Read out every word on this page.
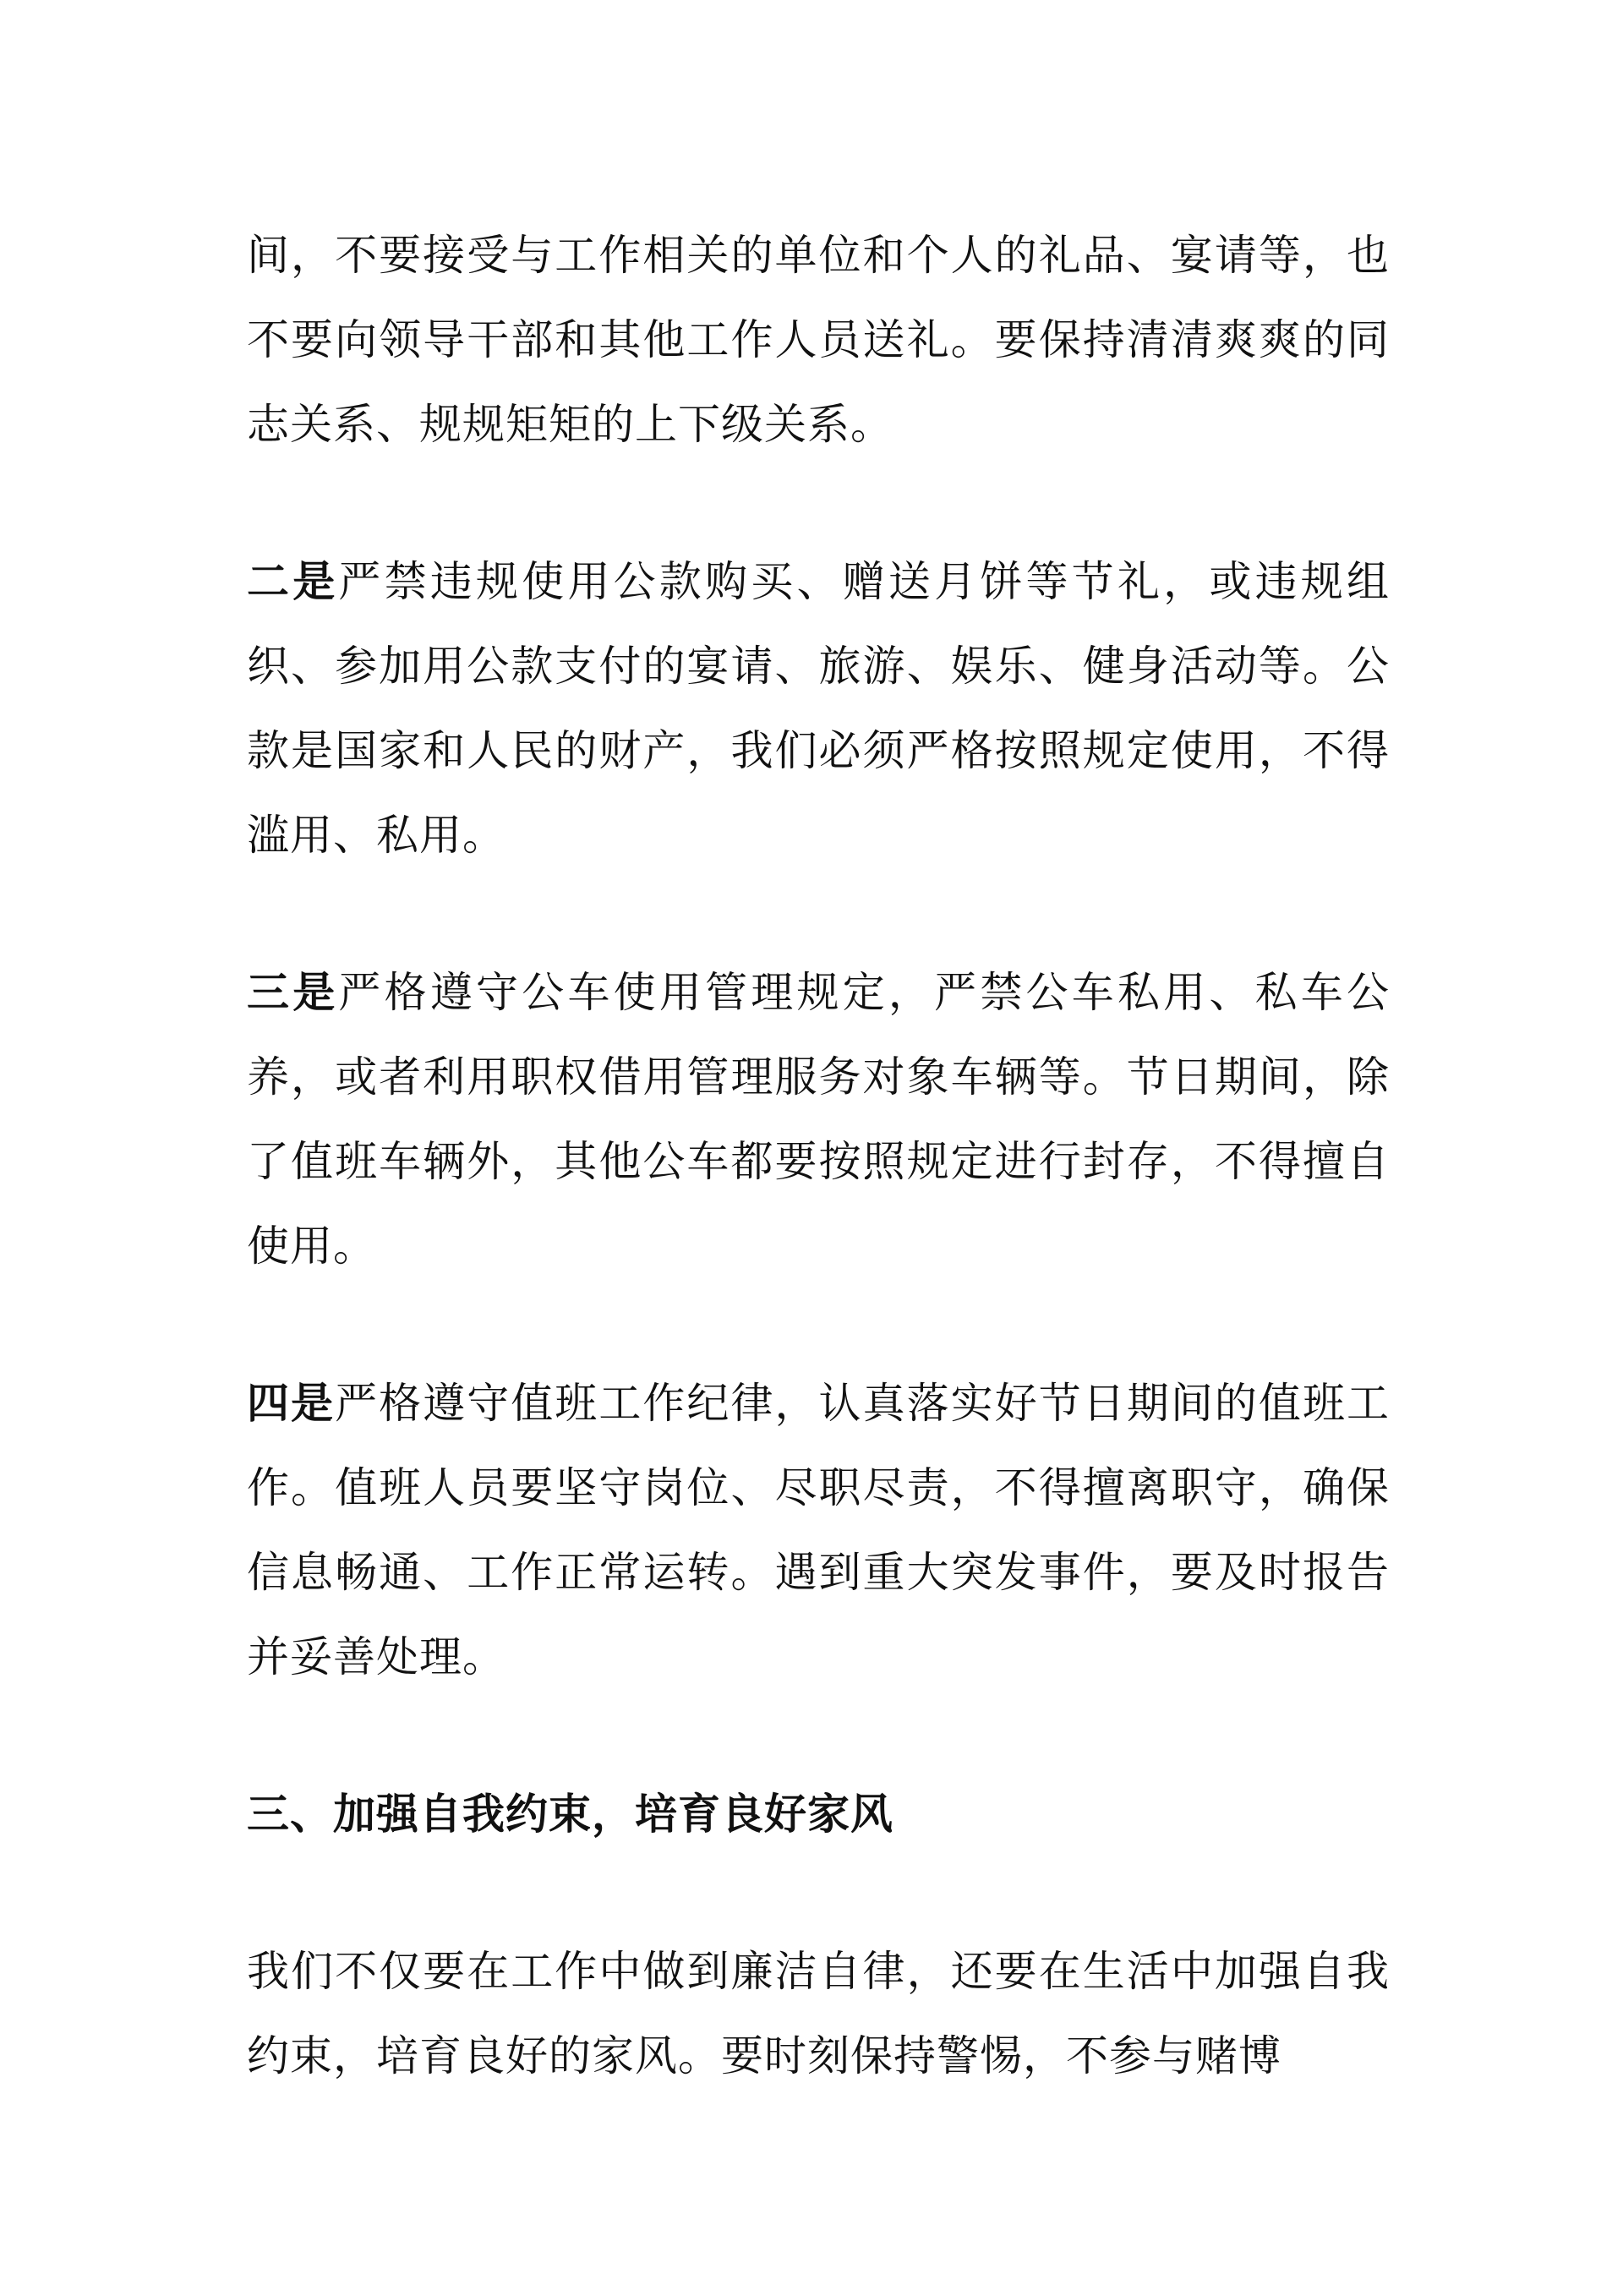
间，不要接受与工作相关的单位和个人的礼品、宴请等，也不要向领导干部和其他工作人员送礼。要保持清清爽爽的同志关系、规规矩矩的上下级关系。

二是严禁违规使用公款购买、赠送月饼等节礼，或违规组织、参加用公款支付的宴请、旅游、娱乐、健身活动等。公款是国家和人民的财产，我们必须严格按照规定使用，不得滥用、私用。

三是严格遵守公车使用管理规定，严禁公车私用、私车公养，或者利用职权借用管理服务对象车辆等。节日期间，除了值班车辆外，其他公车都要按照规定进行封存，不得擅自使用。

四是严格遵守值班工作纪律，认真落实好节日期间的值班工作。值班人员要坚守岗位、尽职尽责，不得擅离职守，确保信息畅通、工作正常运转。遇到重大突发事件，要及时报告并妥善处理。

三、加强自我约束，培育良好家风

我们不仅要在工作中做到廉洁自律，还要在生活中加强自我约束，培育良好的家风。要时刻保持警惕，不参与赌博
